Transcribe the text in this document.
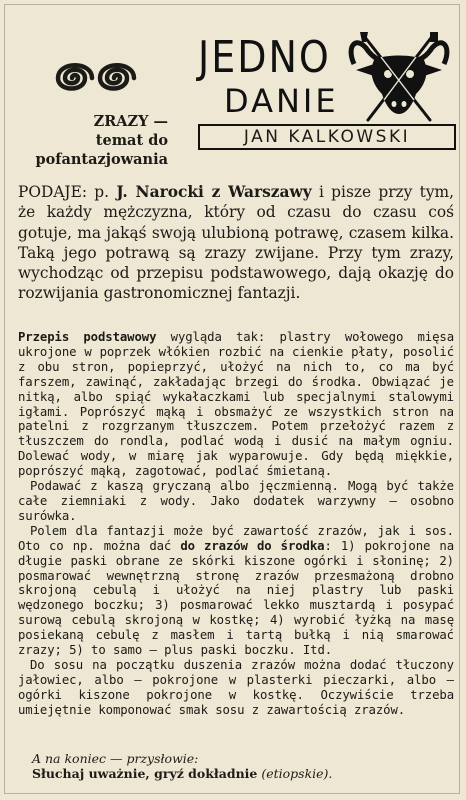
ZRAZY —
temat do
pofantazjowania
JEDNO
DANIE
JAN KALKOWSKI
PODAJE: p. J. Narocki z Warszawy i pisze przy tym, że każdy mężczyzna, który od czasu do czasu coś gotuje, ma jakąś swoją ulubioną potrawę, czasem kilka. Taką jego potrawą są zrazy zwijane. Przy tym zrazy, wychodząc od przepisu podstawowego, dają okazję do rozwijania gastronomicznej fantazji.

Przepis podstawowy wygląda tak: plastry wołowego mięsa ukrojone w poprzek włókien rozbić na cienkie płaty, posolić z obu stron, popieprzyć, ułożyć na nich to, co ma być farszem, zawinąć, zakładając brzegi do środka. Obwiązać je nitką, albo spiąć wykałaczkami lub specjalnymi stalowymi igłami. Poprószyć mąką i obsmażyć ze wszystkich stron na patelni z rozgrzanym tłuszczem. Potem przełożyć razem z tłuszczem do rondla, podlać wodą i dusić na małym ogniu. Dolewać wody, w miarę jak wyparowuje. Gdy będą miękkie, poprószyć mąką, zagotować, podlać śmietaną.

Podawać z kaszą gryczaną albo jęczmienną. Mogą być także całe ziemniaki z wody. Jako dodatek warzywny — osobno surówka.

Polem dla fantazji może być zawartość zrazów, jak i sos. Oto co np. można dać do zrazów do środka: 1) pokrojone na długie paski obrane ze skórki kiszone ogórki i słoninę; 2) posmarować wewnętrzną stronę zrazów przesmażoną drobno skrojoną cebulą i ułożyć na niej plastry lub paski wędzonego boczku; 3) posmarować lekko musztardą i posypać surową cebulą skrojoną w kostkę; 4) wyrobić łyżką na masę posiekaną cebulę z masłem i tartą bułką i nią smarować zrazy; 5) to samo — plus paski boczku. Itd.

Do sosu na początku duszenia zrazów można dodać tłuczony jałowiec, albo — pokrojone w plasterki pieczarki, albo — ogórki kiszone pokrojone w kostkę. Oczywiście trzeba umiejętnie komponować smak sosu z zawartością zrazów.

A na koniec — przysłowie:
Słuchaj uważnie, gryź dokładnie (etiopskie).
